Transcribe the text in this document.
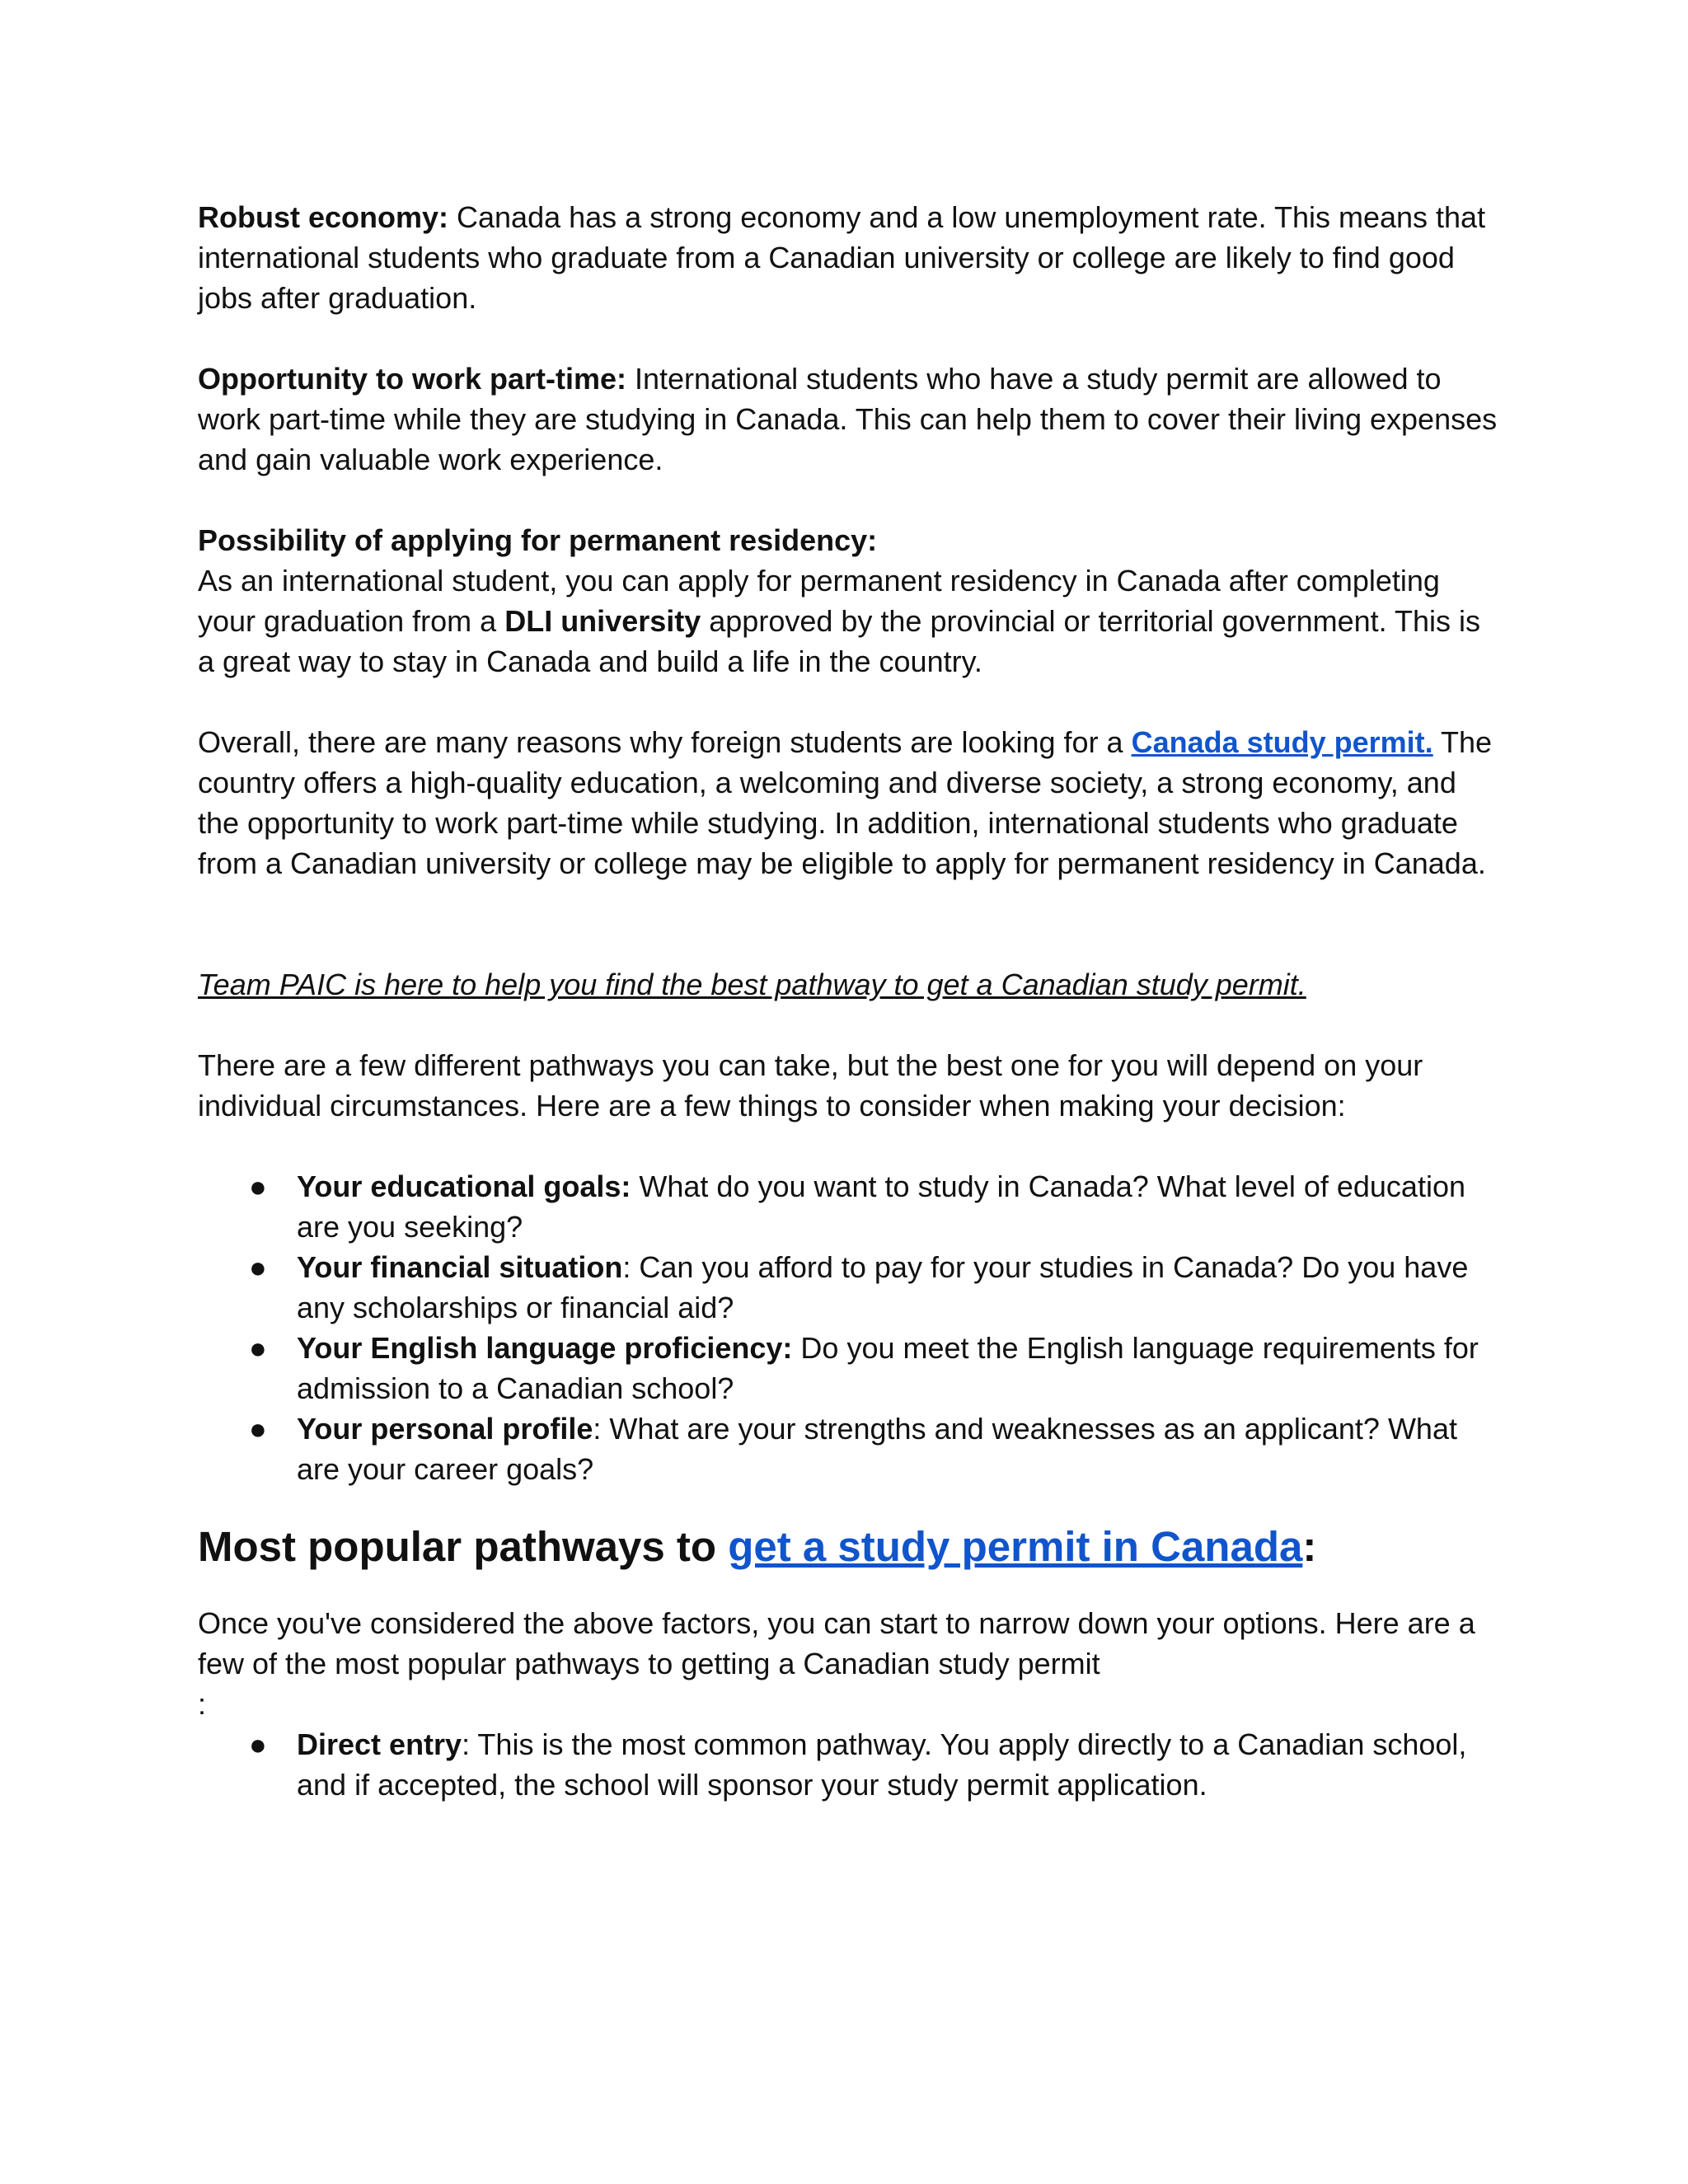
Robust economy: Canada has a strong economy and a low unemployment rate. This means that international students who graduate from a Canadian university or college are likely to find good jobs after graduation.

Opportunity to work part-time: International students who have a study permit are allowed to work part-time while they are studying in Canada. This can help them to cover their living expenses and gain valuable work experience.

Possibility of applying for permanent residency:

As an international student, you can apply for permanent residency in Canada after completing your graduation from a DLI university approved by the provincial or territorial government. This is a great way to stay in Canada and build a life in the country.

Overall, there are many reasons why foreign students are looking for a Canada study permit. The country offers a high-quality education, a welcoming and diverse society, a strong economy, and the opportunity to work part-time while studying. In addition, international students who graduate from a Canadian university or college may be eligible to apply for permanent residency in Canada.

Team PAIC is here to help you find the best pathway to get a Canadian study permit.

There are a few different pathways you can take, but the best one for you will depend on your individual circumstances. Here are a few things to consider when making your decision:

● Your educational goals: What do you want to study in Canada? What level of education are you seeking?
● Your financial situation: Can you afford to pay for your studies in Canada? Do you have any scholarships or financial aid?
● Your English language proficiency: Do you meet the English language requirements for admission to a Canadian school?
● Your personal profile: What are your strengths and weaknesses as an applicant? What are your career goals?
Most popular pathways to get a study permit in Canada:

Once you've considered the above factors, you can start to narrow down your options. Here are a few of the most popular pathways to getting a Canadian study permit

:

● Direct entry: This is the most common pathway. You apply directly to a Canadian school, and if accepted, the school will sponsor your study permit application.
